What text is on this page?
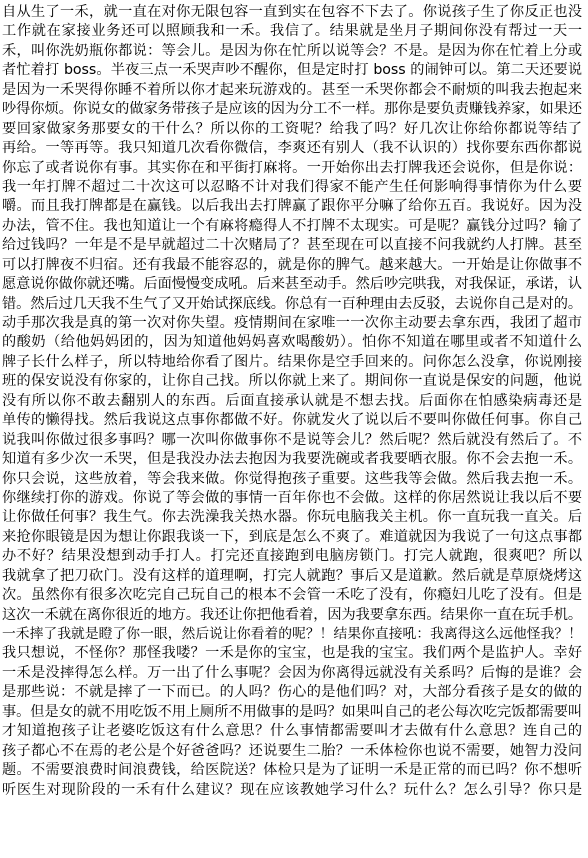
自从生了一禾，就一直在对你无限包容一直到实在包容不下去了。你说孩子生了你反正也没
工作就在家接业务还可以照顾我和一禾。我信了。结果就是坐月子期间你没有帮过一天一
禾，叫你洗奶瓶你都说：等会儿。是因为你在忙所以说等会？不是。是因为你在忙着上分或
者忙着打 boss。半夜三点一禾哭声吵不醒你，但是定时打 boss 的闹钟可以。第二天还要说
是因为一禾哭得你睡不着所以你才起来玩游戏的。甚至一禾哭你都会不耐烦的叫我去抱起来
吵得你烦。你说女的做家务带孩子是应该的因为分工不一样。那你是要负责赚钱养家，如果还
要回家做家务那要女的干什么？所以你的工资呢？给我了吗？好几次让你给你都说等结了
再给。一等再等。我只知道几次看你微信，李爽还有别人（我不认识的）找你要东西你都说
你忘了或者说你有事。其实你在和平街打麻将。一开始你出去打牌我还会说你，但是你说：
我一年打牌不超过二十次这可以忍略不计对我们得家不能产生任何影响得事情你为什么要
嚼。而且我打牌都是在赢钱。以后我出去打牌赢了跟你平分嘛了给你五百。我说好。因为没
办法，管不住。我也知道让一个有麻将瘾得人不打牌不太现实。可是呢？赢钱分过吗？输了
给过钱吗？一年是不是早就超过二十次赌局了？甚至现在可以直接不问我就约人打牌。甚至
可以打牌夜不归宿。还有我最不能容忍的，就是你的脾气。越来越大。一开始是让你做事不
愿意说你做你就还嘴。后面慢慢变成吼。后来甚至动手。然后吵完哄我，对我保证，承诺，认
错。然后过几天我不生气了又开始试探底线。你总有一百种理由去反驳，去说你自己是对的。
动手那次我是真的第一次对你失望。疫情期间在家唯一一次你主动要去拿东西，我团了超市
的酸奶（给他妈妈团的，因为知道他妈妈喜欢喝酸奶）。怕你不知道在哪里或者不知道什么
牌子长什么样子，所以特地给你看了图片。结果你是空手回来的。问你怎么没拿，你说刚接
班的保安说没有你家的，让你自己找。所以你就上来了。期间你一直说是保安的问题，他说
没有所以你不敢去翻别人的东西。后面直接承认就是不想去找。后面你在怕感染病毒还是
单传的懒得找。然后我说这点事你都做不好。你就发火了说以后不要叫你做任何事。你自己
说我叫你做过很多事吗？哪一次叫你做事你不是说等会儿？然后呢？然后就没有然后了。不
知道有多少次一禾哭，但是我没办法去抱因为我要洗碗或者我要晒衣服。你不会去抱一禾。
你只会说，这些放着，等会我来做。你觉得抱孩子重要。这些我等会做。然后我去抱一禾。
你继续打你的游戏。你说了等会做的事情一百年你也不会做。这样的你居然说让我以后不要
让你做任何事？我生气。你去洗澡我关热水器。你玩电脑我关主机。你一直玩我一直关。后
来抢你眼镜是因为想让你跟我谈一下，到底是怎么不爽了。难道就因为我说了一句这点事都
办不好？结果没想到动手打人。打完还直接跑到电脑房锁门。打完人就跑，很爽吧？所以
我就拿了把刀砍门。没有这样的道理啊，打完人就跑？事后又是道歉。然后就是草原烧烤这
次。虽然你有很多次吃完自己玩自己的根本不会管一禾吃了没有，你瘾妇儿吃了没有。但是
这次一禾就在离你很近的地方。我还让你把他看着，因为我要拿东西。结果你一直在玩手机。
一禾摔了我就是瞪了你一眼，然后说让你看着的呢？！结果你直接吼：我离得这么远他怪我？！
我只想说，不怪你？那怪我喽？一禾是你的宝宝，也是我的宝宝。我们两个是监护人。幸好
一禾是没摔得怎么样。万一出了什么事呢？会因为你离得远就没有关系吗？后悔的是谁？会
是那些说：不就是摔了一下而已。的人吗？伤心的是他们吗？对，大部分看孩子是女的做的
事。但是女的就不用吃饭不用上厕所不用做事的是吗？如果叫自己的老公每次吃完饭都需要叫
才知道抱孩子让老婆吃饭这有什么意思？什么事情都需要叫才去做有什么意思？连自己的
孩子都心不在焉的老公是个好爸爸吗？还说要生二胎？一禾体检你也说不需要，她智力没问
题。不需要浪费时间浪费钱，给医院送？体检只是为了证明一禾是正常的而已吗？你不想听
听医生对现阶段的一禾有什么建议？现在应该教她学习什么？玩什么？怎么引导？你只是
